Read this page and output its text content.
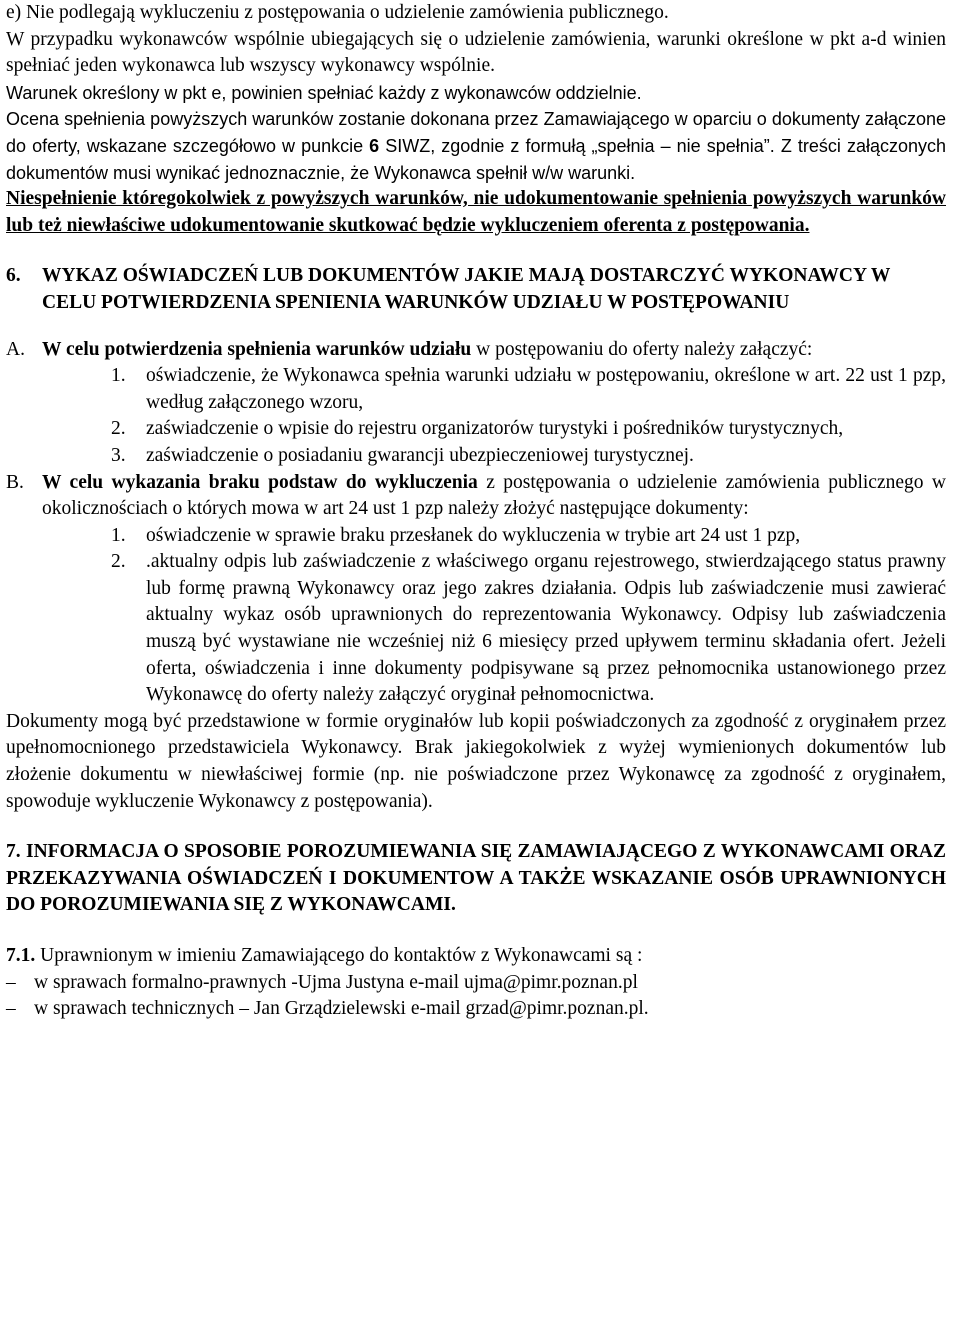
e) Nie podlegają wykluczeniu z postępowania o udzielenie zamówienia publicznego.

W przypadku wykonawców wspólnie ubiegających się o udzielenie zamówienia, warunki określone w pkt a-d winien spełniać jeden wykonawca lub wszyscy wykonawcy wspólnie.

Warunek określony w pkt e, powinien spełniać każdy z wykonawców oddzielnie.

Ocena spełnienia powyższych warunków zostanie dokonana przez Zamawiającego w oparciu o dokumenty załączone do oferty, wskazane szczegółowo w punkcie 6 SIWZ, zgodnie z formułą „spełnia – nie spełnia”. Z treści załączonych dokumentów musi wynikać jednoznacznie, że Wykonawca spełnił w/w warunki.

Niespełnienie któregokolwiek z powyższych warunków, nie udokumentowanie spełnienia powyższych warunków lub też niewłaściwe udokumentowanie skutkować będzie wykluczeniem oferenta z postępowania.

6. WYKAZ OŚWIADCZEŃ LUB DOKUMENTÓW JAKIE MAJĄ DOSTARCZYĆ WYKONAWCY W CELU POTWIERDZENIA SPENIENIA WARUNKÓW UDZIAŁU W POSTĘPOWANIU

A. W celu potwierdzenia spełnienia warunków udziału w postępowaniu do oferty należy załączyć:

1. oświadczenie, że Wykonawca spełnia warunki udziału w postępowaniu, określone w art. 22 ust 1 pzp, według załączonego wzoru,

2. zaświadczenie o wpisie do rejestru organizatorów turystyki i pośredników turystycznych,

3. zaświadczenie o posiadaniu gwarancji ubezpieczeniowej turystycznej.

B. W celu wykazania braku podstaw do wykluczenia z postępowania o udzielenie zamówienia publicznego w okolicznościach o których mowa w art 24 ust 1 pzp należy złożyć następujące dokumenty:

1. oświadczenie w sprawie braku przesłanek do wykluczenia w trybie art 24 ust 1 pzp,

2. .aktualny odpis lub zaświadczenie z właściwego organu rejestrowego, stwierdzającego status prawny lub formę prawną Wykonawcy oraz jego zakres działania. Odpis lub zaświadczenie musi zawierać aktualny wykaz osób uprawnionych do reprezentowania Wykonawcy. Odpisy lub zaświadczenia muszą być wystawiane nie wcześniej niż 6 miesięcy przed upływem terminu składania ofert. Jeżeli oferta, oświadczenia i inne dokumenty podpisywane są przez pełnomocnika ustanowionego przez Wykonawcę do oferty należy załączyć oryginał pełnomocnictwa.

Dokumenty mogą być przedstawione w formie oryginałów lub kopii poświadczonych za zgodność z oryginałem przez upełnomocnionego przedstawiciela Wykonawcy. Brak jakiegokolwiek z wyżej wymienionych dokumentów lub złożenie dokumentu w niewłaściwej formie (np. nie poświadczone przez Wykonawcę za zgodność z oryginałem, spowoduje wykluczenie Wykonawcy z postępowania).

7. INFORMACJA O SPOSOBIE POROZUMIEWANIA SIĘ ZAMAWIAJĄCEGO Z WYKONAWCAMI ORAZ PRZEKAZYWANIA OŚWIADCZEŃ I DOKUMENTOW A TAKŻE WSKAZANIE OSÓB UPRAWNIONYCH DO POROZUMIEWANIA SIĘ Z WYKONAWCAMI.

7.1. Uprawnionym w imieniu Zamawiającego do kontaktów z Wykonawcami są :

– w sprawach formalno-prawnych -Ujma Justyna e-mail ujma@pimr.poznan.pl
– w sprawach technicznych – Jan Grządzielewski e-mail grzad@pimr.poznan.pl.
